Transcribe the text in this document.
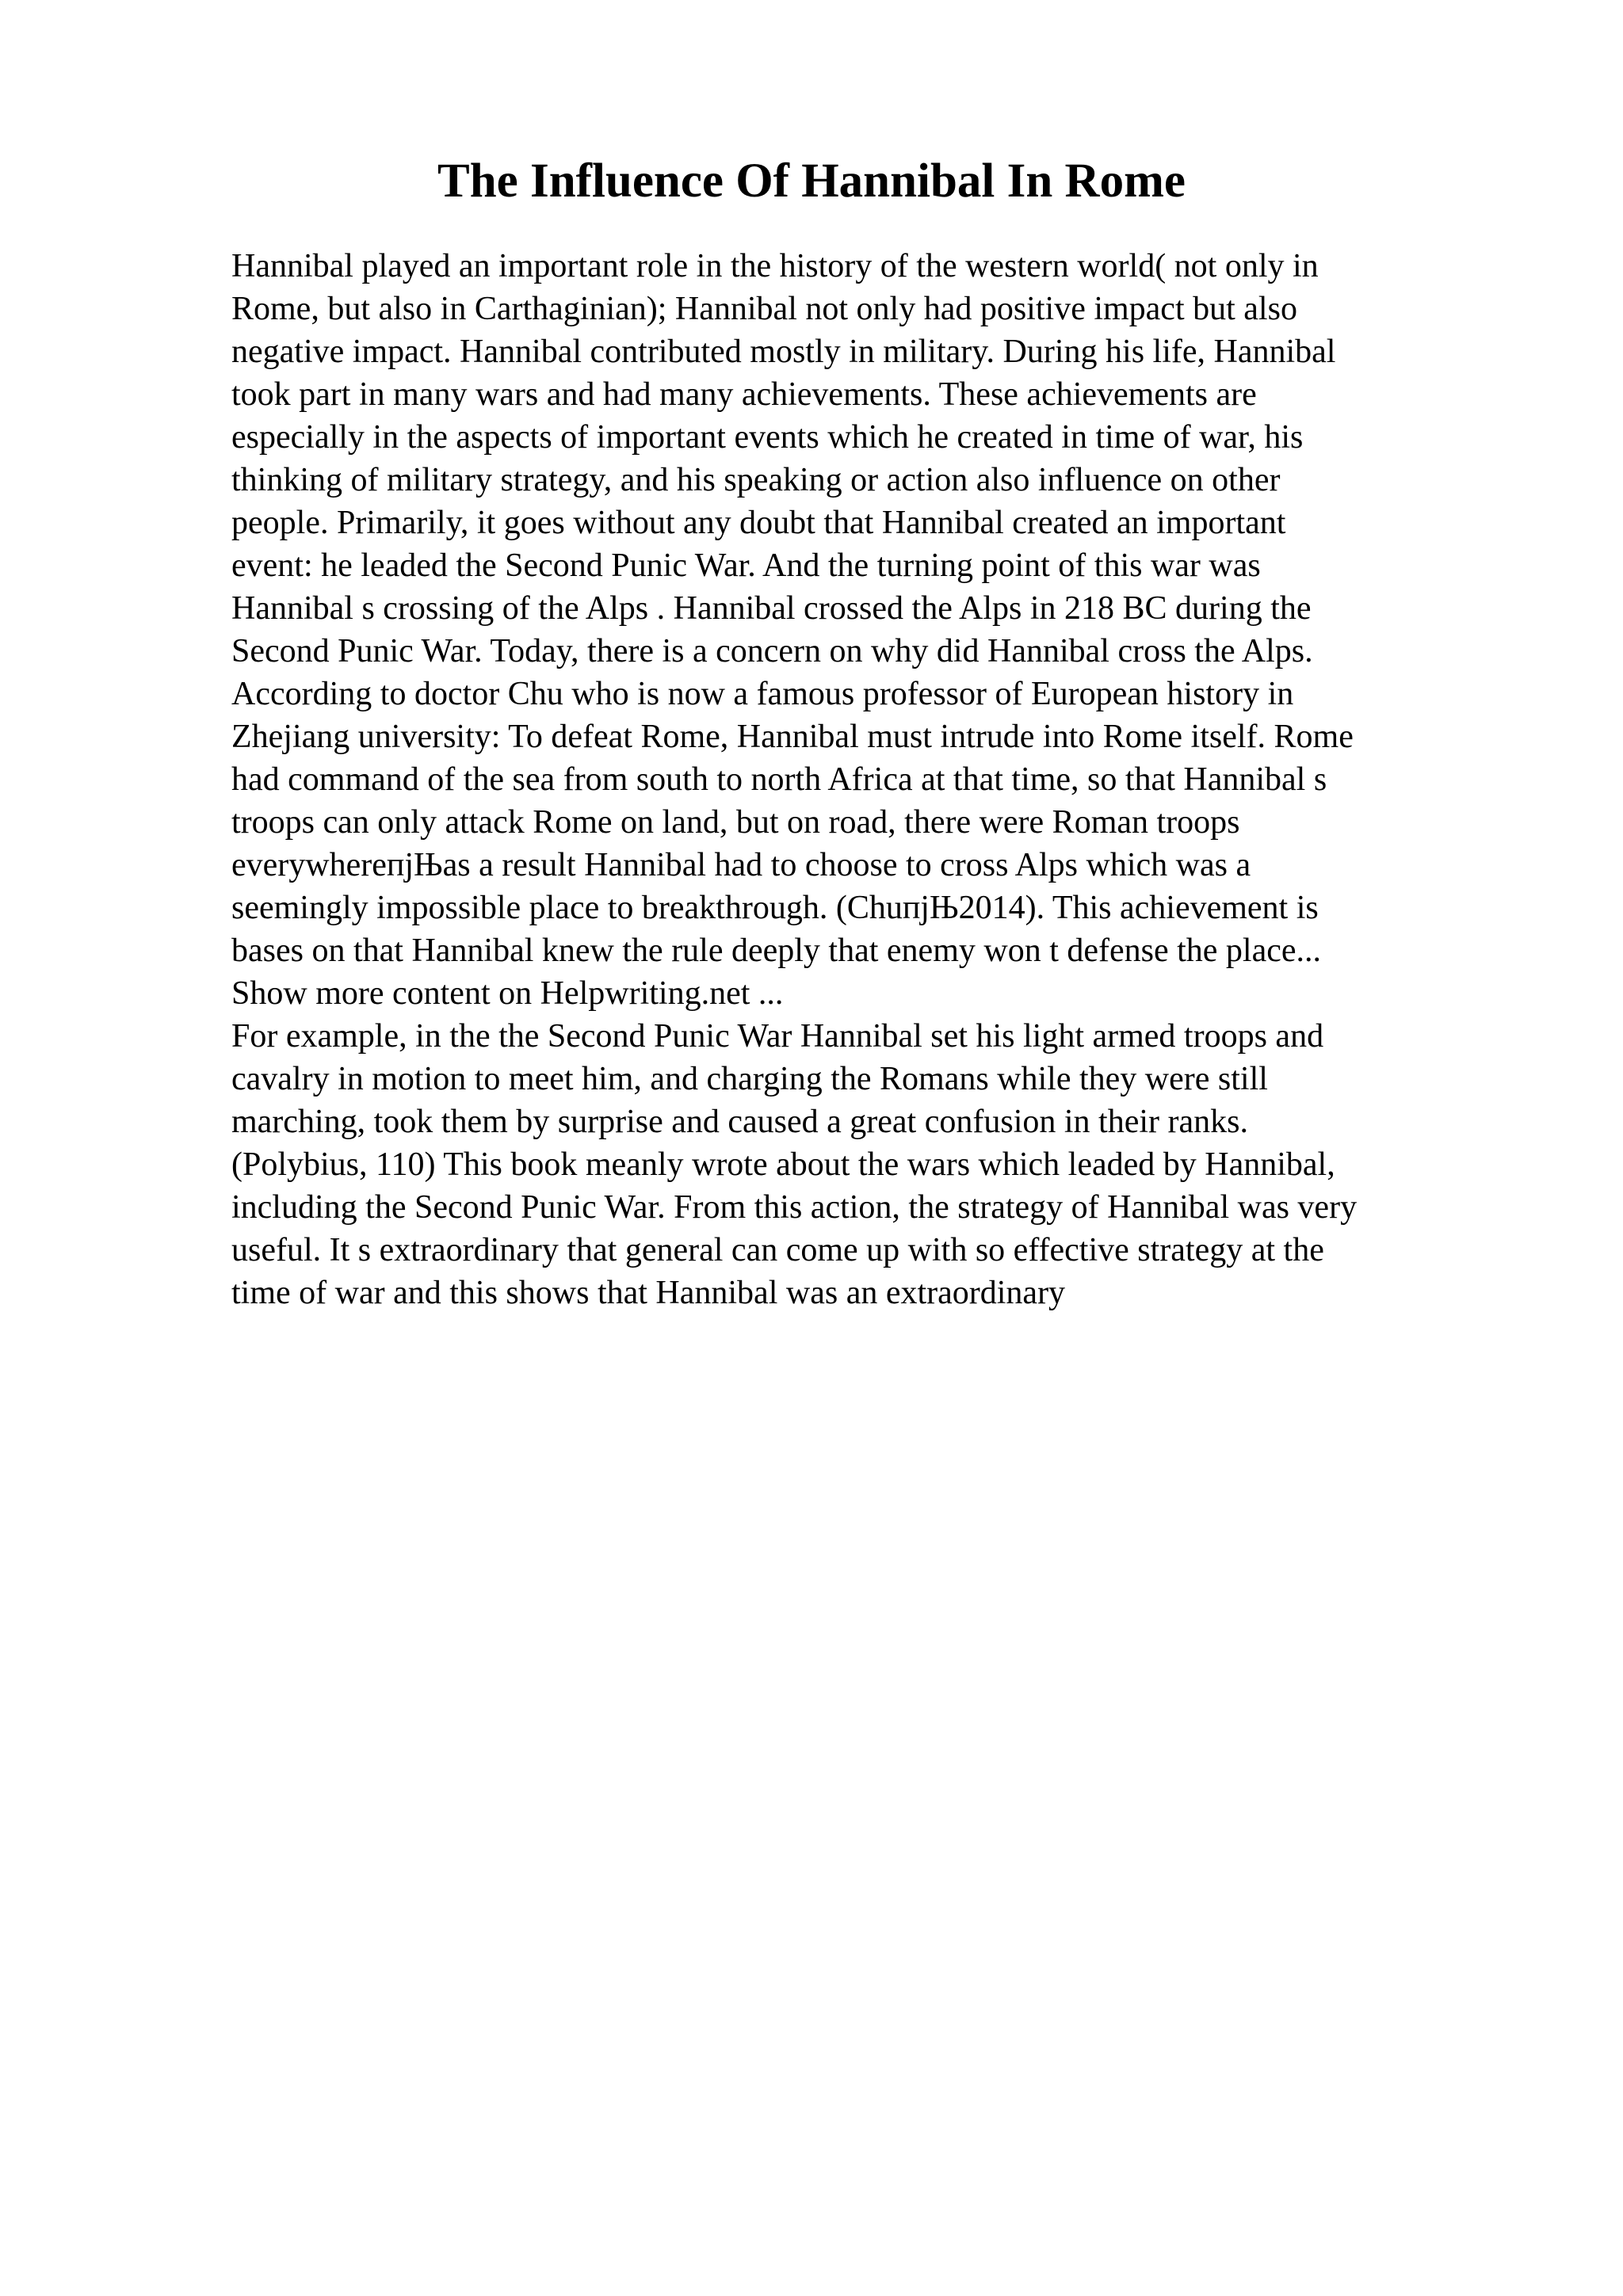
The Influence Of Hannibal In Rome
Hannibal played an important role in the history of the western world( not only in
Rome, but also in Carthaginian); Hannibal not only had positive impact but also
negative impact. Hannibal contributed mostly in military. During his life, Hannibal
took part in many wars and had many achievements. These achievements are
especially in the aspects of important events which he created in time of war, his
thinking of military strategy, and his speaking or action also influence on other
people. Primarily, it goes without any doubt that Hannibal created an important
event: he leaded the Second Punic War. And the turning point of this war was
Hannibal s crossing of the Alps . Hannibal crossed the Alps in 218 BC during the
Second Punic War. Today, there is a concern on why did Hannibal cross the Alps.
According to doctor Chu who is now a famous professor of European history in
Zhejiang university: To defeat Rome, Hannibal must intrude into Rome itself. Rome
had command of the sea from south to north Africa at that time, so that Hannibal s
troops can only attack Rome on land, but on road, there were Roman troops
everywhereпјЊas a result Hannibal had to choose to cross Alps which was a
seemingly impossible place to breakthrough. (ChuпјЊ2014). This achievement is
bases on that Hannibal knew the rule deeply that enemy won t defense the place...
Show more content on Helpwriting.net ...
For example, in the the Second Punic War Hannibal set his light armed troops and
cavalry in motion to meet him, and charging the Romans while they were still
marching, took them by surprise and caused a great confusion in their ranks.
(Polybius, 110) This book meanly wrote about the wars which leaded by Hannibal,
including the Second Punic War. From this action, the strategy of Hannibal was very
useful. It s extraordinary that general can come up with so effective strategy at the
time of war and this shows that Hannibal was an extraordinary
